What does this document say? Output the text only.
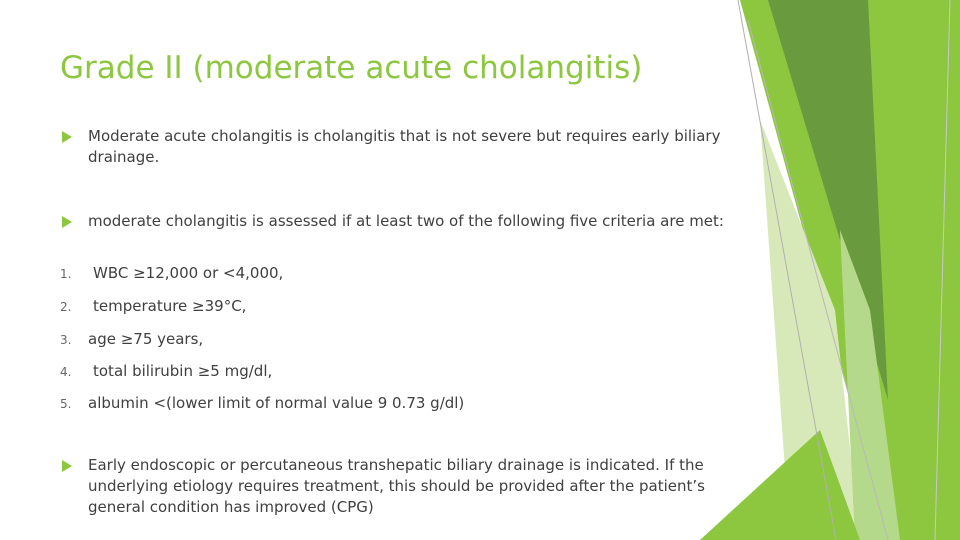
Grade II (moderate acute cholangitis)
Moderate acute cholangitis is cholangitis that is not severe but requires early biliary drainage.
moderate cholangitis is assessed if at least two of the following five criteria are met:
1. WBC ≥12,000 or <4,000,
2. temperature ≥39°C,
3. age ≥75 years,
4. total bilirubin ≥5 mg/dl,
5. albumin <(lower limit of normal value 9 0.73 g/dl)
Early endoscopic or percutaneous transhepatic biliary drainage is indicated. If the underlying etiology requires treatment, this should be provided after the patient’s general condition has improved (CPG)
